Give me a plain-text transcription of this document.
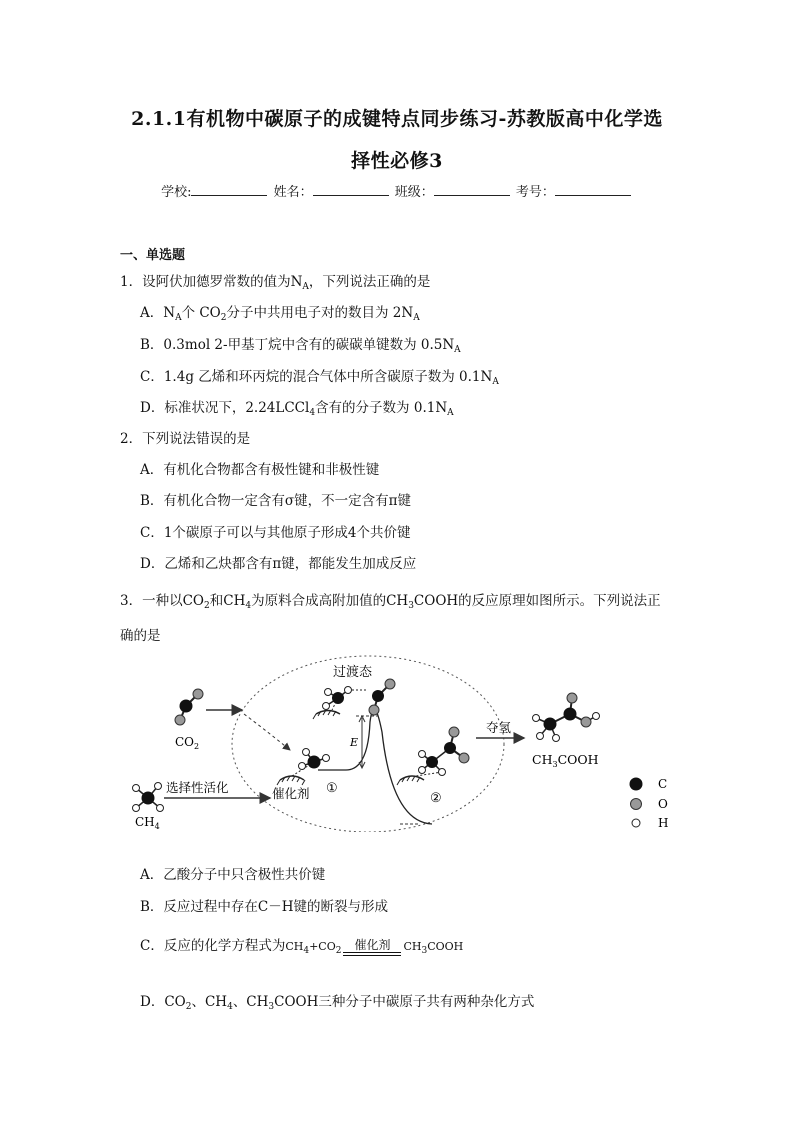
2.1.1有机物中碳原子的成键特点同步练习-苏教版高中化学选
择性必修3
学校:	姓名：	班级：	考号：
一、单选题
1．设阿伏加德罗常数的值为$N_A$，下列说法正确的是
A．$N_A$个 $CO_2$分子中共用电子对的数目为 $2N_A$
B．0.3mol 2-甲基丁烷中含有的碳碳单键数为 $0.5N_A$
C．1.4g 乙烯和环丙烷的混合气体中所含碳原子数为 $0.1N_A$
D．标准状况下，2.24LCCl$_4$含有的分子数为 $0.1N_A$
2．下列说法错误的是
A．有机化合物都含有极性键和非极性键
B．有机化合物一定含有σ键，不一定含有π键
C．1个碳原子可以与其他原子形成4个共价键
D．乙烯和乙炔都含有π键，都能发生加成反应
3．一种以$CO_2$和$CH_4$为原料合成高附加值的$CH_3COOH$的反应原理如图所示。下列说法正
确的是
$CO_2$
$CH_4$
选择性活化	催化剂 ①
E
过渡态
②
夺氢
$CH_3COOH$
C
O
H
A．乙酸分子中只含极性共价键
B．反应过程中存在C－H键的断裂与形成
C．反应的化学方程式为$CH_4+CO_2$	催化剂	$CH_3COOH$
D．$CO_2$、$CH_4$、$CH_3COOH$三种分子中碳原子共有两种杂化方式
